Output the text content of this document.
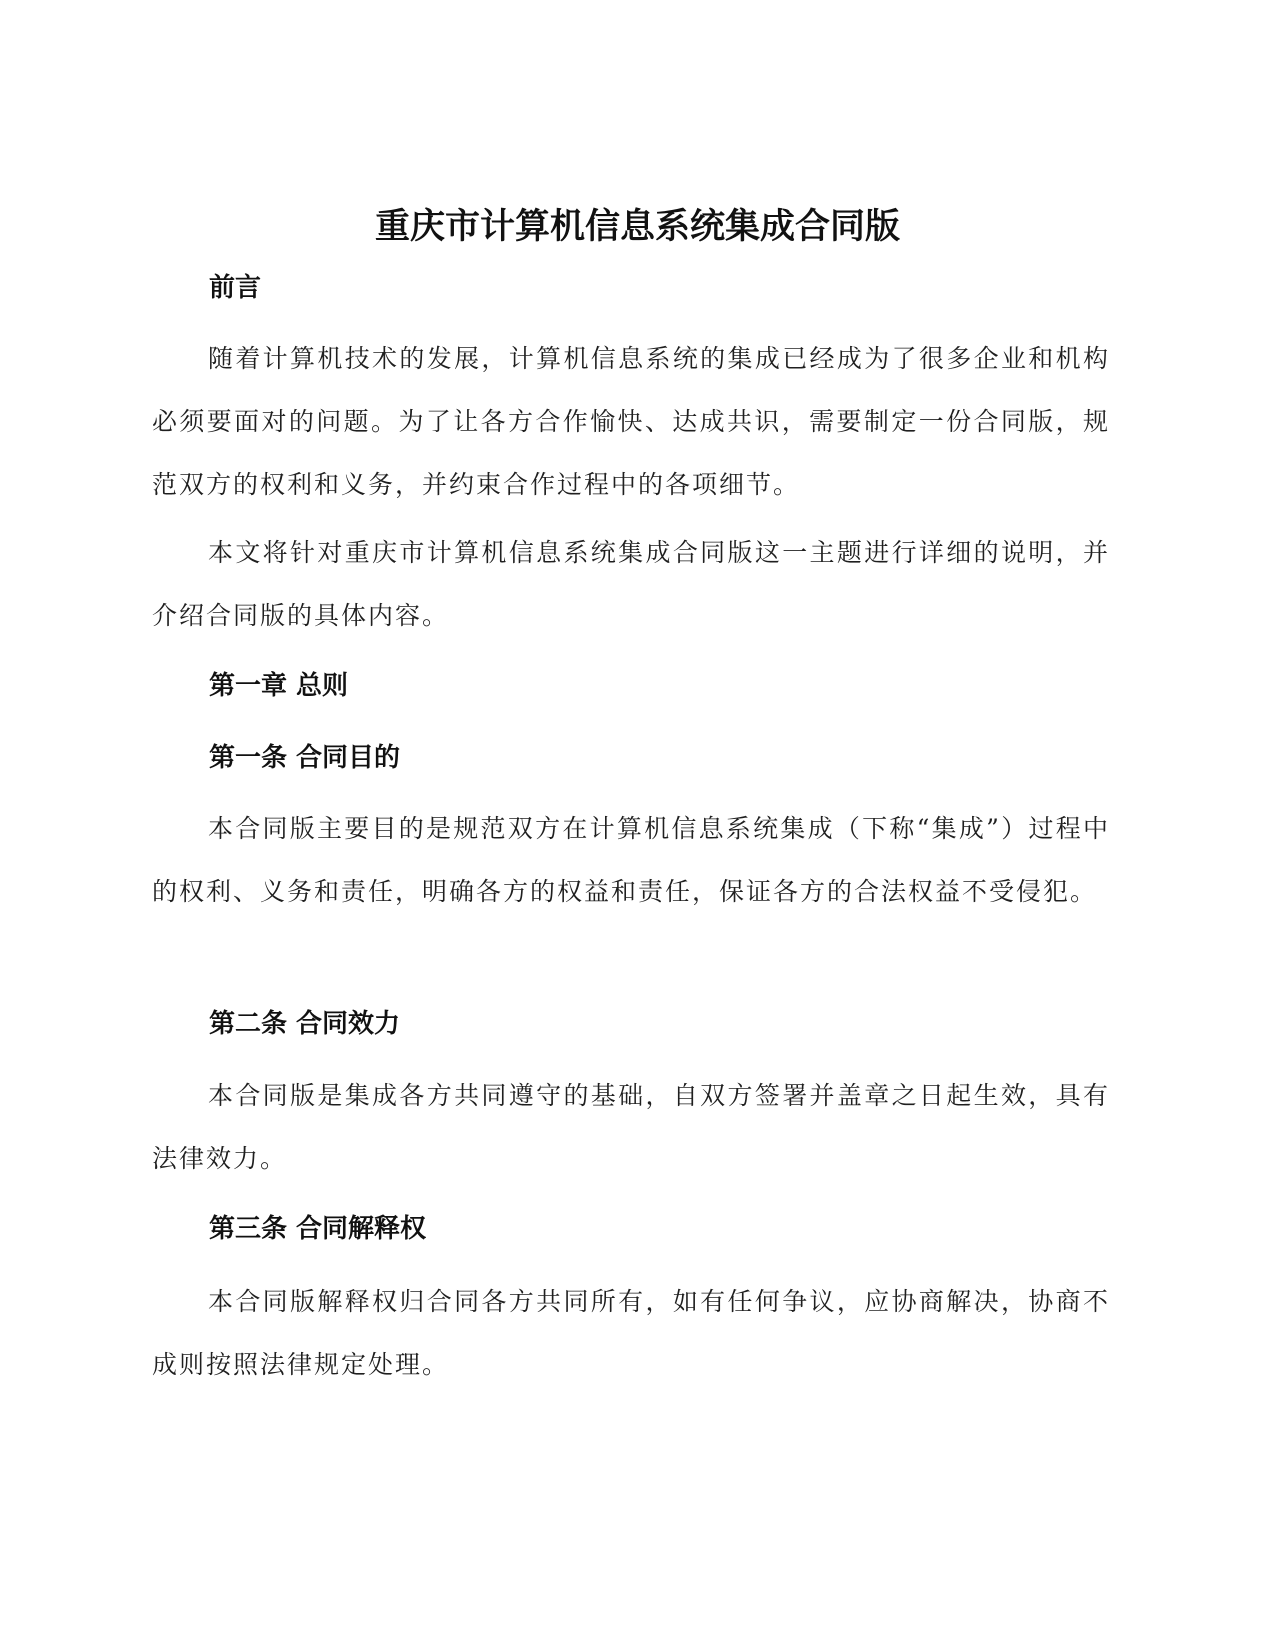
重庆市计算机信息系统集成合同版
前言

随着计算机技术的发展，计算机信息系统的集成已经成为了很多企业和机构必须要面对的问题。为了让各方合作愉快、达成共识，需要制定一份合同版，规范双方的权利和义务，并约束合作过程中的各项细节。

本文将针对重庆市计算机信息系统集成合同版这一主题进行详细的说明，并介绍合同版的具体内容。

第一章 总则
第一条 合同目的

本合同版主要目的是规范双方在计算机信息系统集成（下称“集成”）过程中的权利、义务和责任，明确各方的权益和责任，保证各方的合法权益不受侵犯。

第二条 合同效力

本合同版是集成各方共同遵守的基础，自双方签署并盖章之日起生效，具有法律效力。

第三条 合同解释权

本合同版解释权归合同各方共同所有，如有任何争议，应协商解决，协商不成则按照法律规定处理。
